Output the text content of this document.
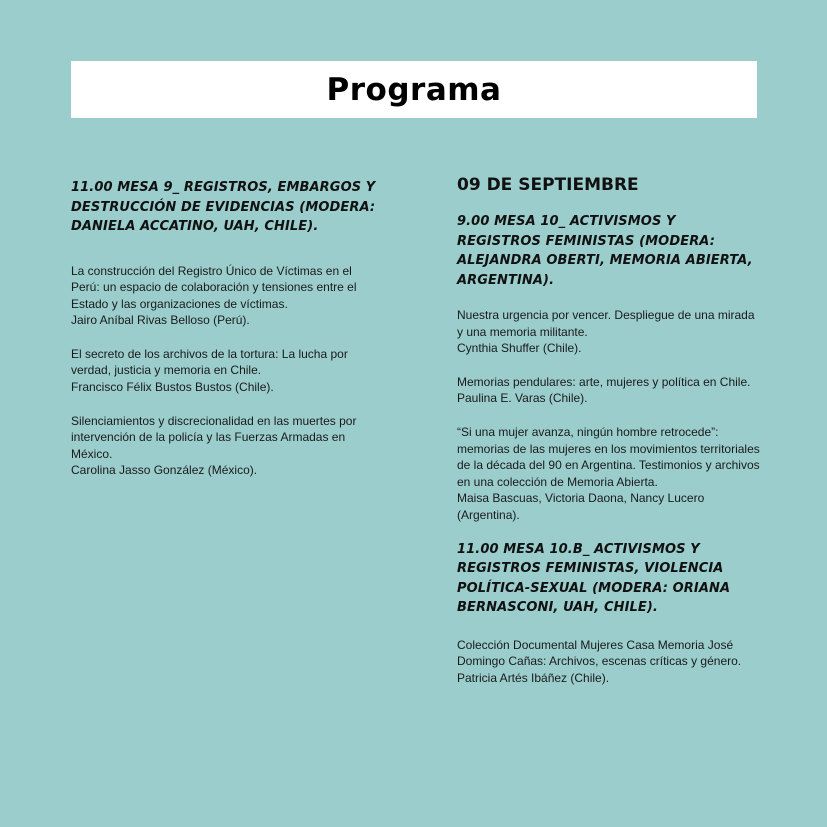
Programa

11.00 MESA 9_ REGISTROS, EMBARGOS Y DESTRUCCIÓN DE EVIDENCIAS (MODERA: DANIELA ACCATINO, UAH, CHILE).

La construcción del Registro Único de Víctimas en el Perú: un espacio de colaboración y tensiones entre el Estado y las organizaciones de víctimas.
Jairo Aníbal Rivas Belloso (Perú).

El secreto de los archivos de la tortura: La lucha por verdad, justicia y memoria en Chile.
Francisco Félix Bustos Bustos (Chile).

Silenciamientos y discrecionalidad en las muertes por intervención de la policía y las Fuerzas Armadas en México.
Carolina Jasso González (México).

09 DE SEPTIEMBRE

9.00 MESA 10_ ACTIVISMOS Y REGISTROS FEMINISTAS (MODERA: ALEJANDRA OBERTI, MEMORIA ABIERTA, ARGENTINA).

Nuestra urgencia por vencer. Despliegue de una mirada y una memoria militante.
Cynthia Shuffer (Chile).

Memorias pendulares: arte, mujeres y política en Chile.
Paulina E. Varas (Chile).

“Si una mujer avanza, ningún hombre retrocede”: memorias de las mujeres en los movimientos territoriales de la década del 90 en Argentina. Testimonios y archivos en una colección de Memoria Abierta.
Maisa Bascuas, Victoria Daona, Nancy Lucero (Argentina).

11.00 MESA 10.B_ ACTIVISMOS Y REGISTROS FEMINISTAS, VIOLENCIA POLÍTICA-SEXUAL (MODERA: ORIANA BERNASCONI, UAH, CHILE).

Colección Documental Mujeres Casa Memoria José Domingo Cañas: Archivos, escenas críticas y género.
Patricia Artés Ibáñez (Chile).
